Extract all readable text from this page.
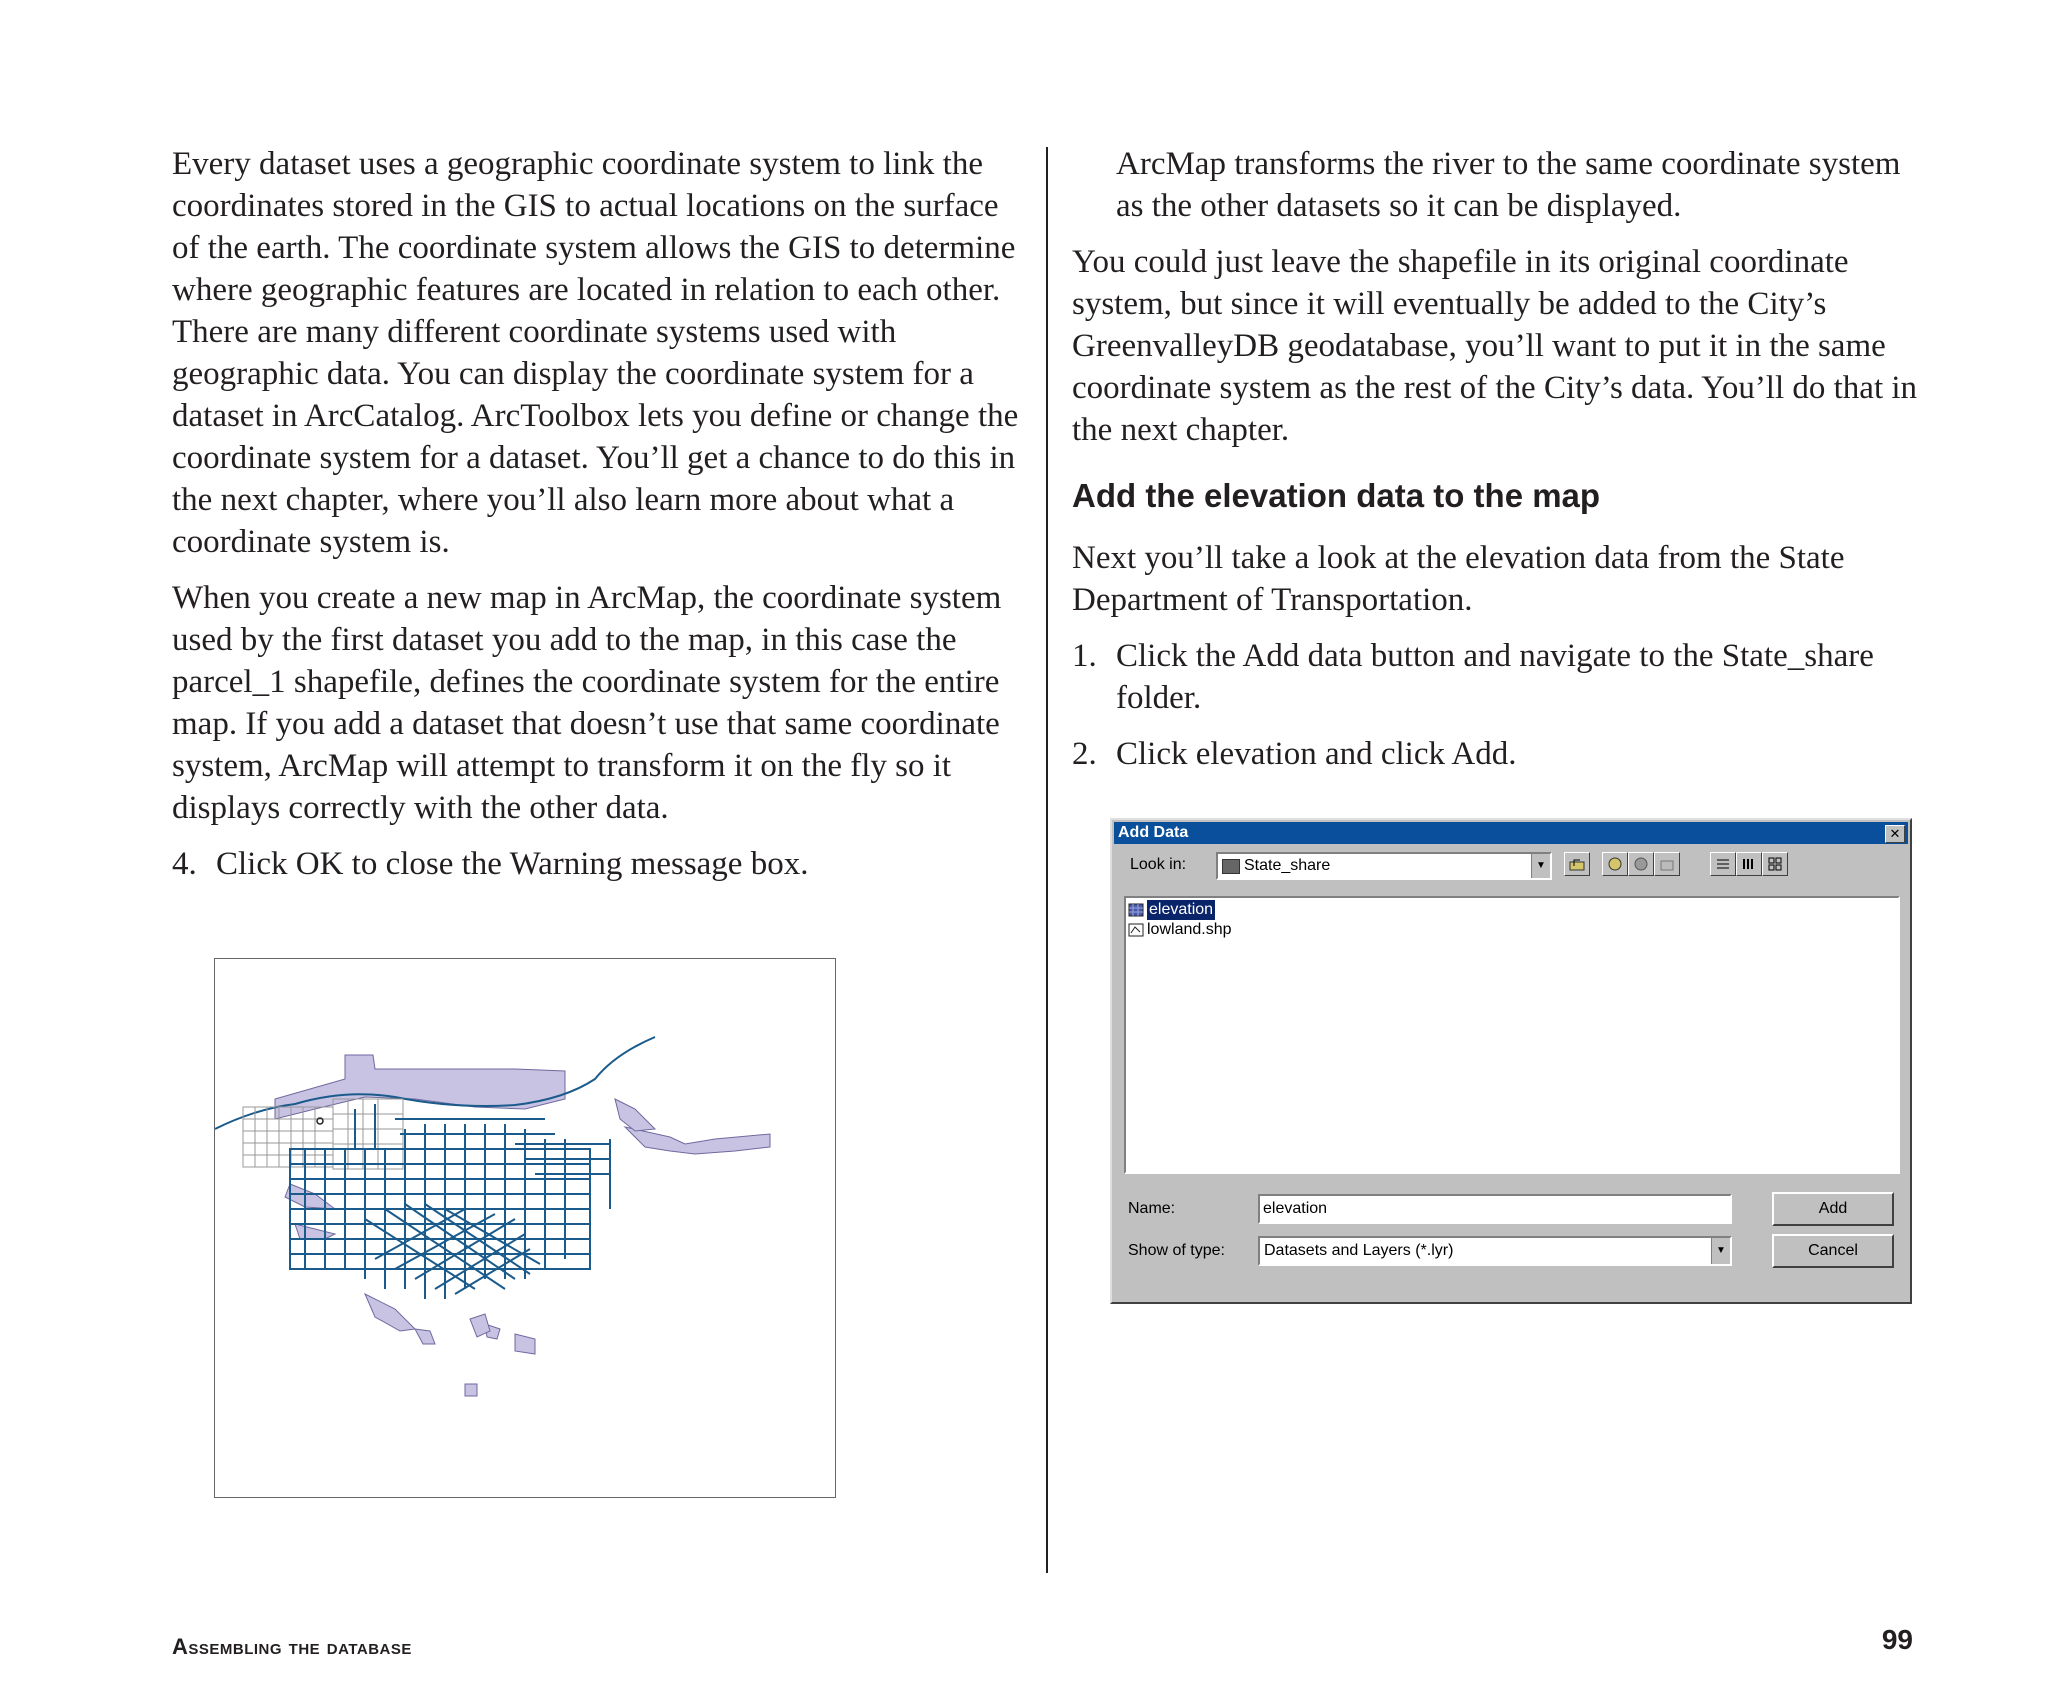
Every dataset uses a geographic coordinate system to link the coordinates stored in the GIS to actual locations on the surface of the earth. The coordinate system allows the GIS to determine where geographic features are located in relation to each other. There are many different coordinate systems used with geographic data. You can display the coordinate system for a dataset in ArcCatalog. ArcToolbox lets you define or change the coordinate system for a dataset. You’ll get a chance to do this in the next chapter, where you’ll also learn more about what a coordinate system is.

When you create a new map in ArcMap, the coordinate system used by the first dataset you add to the map, in this case the parcel_1 shapefile, defines the coordinate system for the entire map. If you add a dataset that doesn’t use that same coordinate system, ArcMap will attempt to transform it on the fly so it displays correctly with the other data.

4. Click OK to close the Warning message box.

ArcMap transforms the river to the same coordinate system as the other datasets so it can be displayed.

You could just leave the shapefile in its original coordinate system, but since it will eventually be added to the City’s GreenvalleyDB geodatabase, you’ll want to put it in the same coordinate system as the rest of the City’s data. You’ll do that in the next chapter.

Add the elevation data to the map

Next you’ll take a look at the elevation data from the State Department of Transportation.

1. Click the Add data button and navigate to the State_share folder.
2. Click elevation and click Add.
Add Data	✕
Look in:	State_share	▼
elevation
lowland.shp
Name:	elevation	Add
Show of type:	Datasets and Layers (*.lyr)	▼	Cancel
Assembling the database	99
